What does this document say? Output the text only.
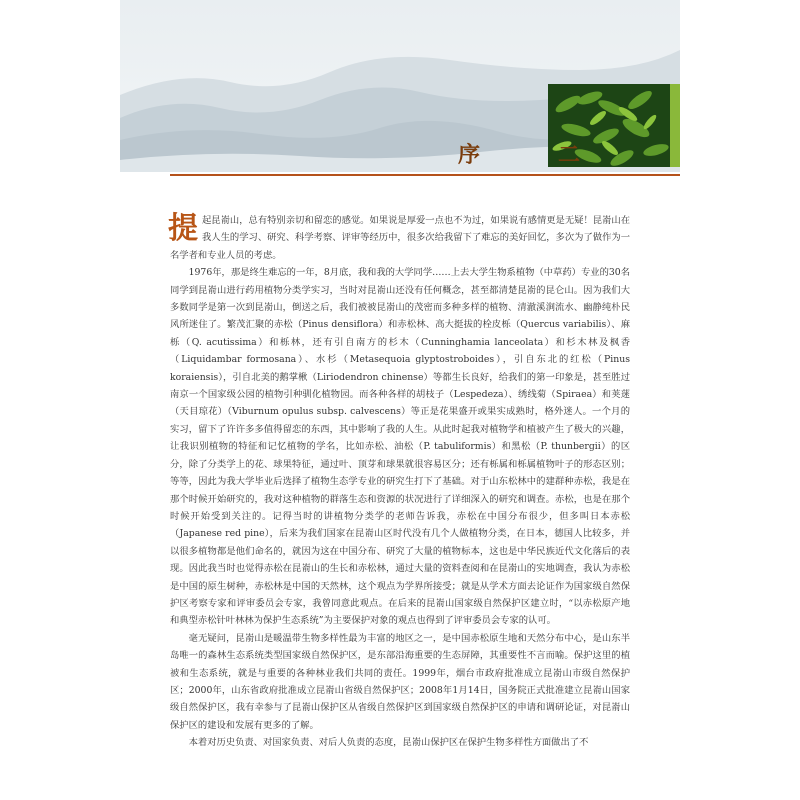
序　二

提起昆嵛山，总有特别亲切和留恋的感觉。如果说是厚爱一点也不为过，如果说有感情更是无疑！昆嵛山在我人生的学习、研究、科学考察、评审等经历中，很多次给我留下了难忘的美好回忆，多次为了做作为一名学者和专业人员的考虑。

1976年，那是终生难忘的一年，8月底，我和我的大学同学……上去大学生物系植物（中草药）专业的30名同学到昆嵛山进行药用植物分类学实习，当时对昆嵛山还没有任何概念，甚至都清楚昆嵛的昆仑山。因为我们大多数同学是第一次到昆嵛山，倒送之后，我们被被昆嵛山的茂密而多种多样的植物、清澈溪涧流水、幽静纯朴民风所迷住了。繁茂汇聚的赤松（Pinus densiflora）和赤松林、高大挺拔的栓皮栎（Quercus variabilis）、麻栎（Q. acutissima）和栎林，还有引自南方的杉木（Cunninghamia lanceolata）和杉木林及枫香（Liquidambar formosana）、水杉（Metasequoia glyptostroboides），引自东北的红松（Pinus koraiensis），引自北美的鹅掌楸（Liriodendron chinense）等都生长良好，给我们的第一印象是，甚至胜过南京一个国家级公园的植物引种驯化植物园。而各种各样的胡枝子（Lespedeza）、绣线菊（Spiraea）和荚蒾（天目琼花）（Viburnum opulus subsp. calvescens）等正是花果盛开或果实成熟时，格外迷人。一个月的实习，留下了许许多多值得留恋的东西，其中影响了我的人生。从此时起我对植物学和植被产生了极大的兴趣，让我识别植物的特征和记忆植物的学名，比如赤松、油松（P. tabuliformis）和黑松（P. thunbergii）的区分，除了分类学上的花、球果特征，通过叶、顶芽和球果就很容易区分；还有栎属和栎属植物叶子的形态区别；等等，因此为我大学毕业后选择了植物生态学专业的研究生打下了基础。对于山东松林中的建群种赤松，我是在那个时候开始研究的，我对这种植物的群落生态和资源的状况进行了详细深入的研究和调查。赤松，也是在那个时候开始受到关注的。记得当时的讲植物分类学的老师告诉我，赤松在中国分布很少，但多叫日本赤松（Japanese red pine），后来为我们国家在昆嵛山区时代没有几个人做植物分类，在日本，德国人比较多，并以很多植物都是他们命名的，就因为这在中国分布、研究了大量的植物标本，这也是中华民族近代文化落后的表现。因此我当时也觉得赤松在昆嵛山的生长和赤松林，通过大量的资料查阅和在昆嵛山的实地调查，我认为赤松是中国的原生树种，赤松林是中国的天然林，这个观点为学界所接受；就是从学术方面去论证作为国家级自然保护区考察专家和评审委员会专家，我曾同意此观点。在后来的昆嵛山国家级自然保护区建立时，“以赤松原产地和典型赤松针叶林林为保护生态系统”为主要保护对象的观点也得到了评审委员会专家的认可。

毫无疑问，昆嵛山是暖温带生物多样性最为丰富的地区之一，是中国赤松原生地和天然分布中心，是山东半岛唯一的森林生态系统类型国家级自然保护区，是东部沿海重要的生态屏障，其重要性不言而喻。保护这里的植被和生态系统，就是与重要的各种林业我们共同的责任。1999年，烟台市政府批准成立昆嵛山市级自然保护区；2000年，山东省政府批准成立昆嵛山省级自然保护区；2008年1月14日，国务院正式批准建立昆嵛山国家级自然保护区，我有幸参与了昆嵛山保护区从省级自然保护区到国家级自然保护区的申请和调研论证，对昆嵛山保护区的建设和发展有更多的了解。

本着对历史负责、对国家负责、对后人负责的态度，昆嵛山保护区在保护生物多样性方面做出了不
